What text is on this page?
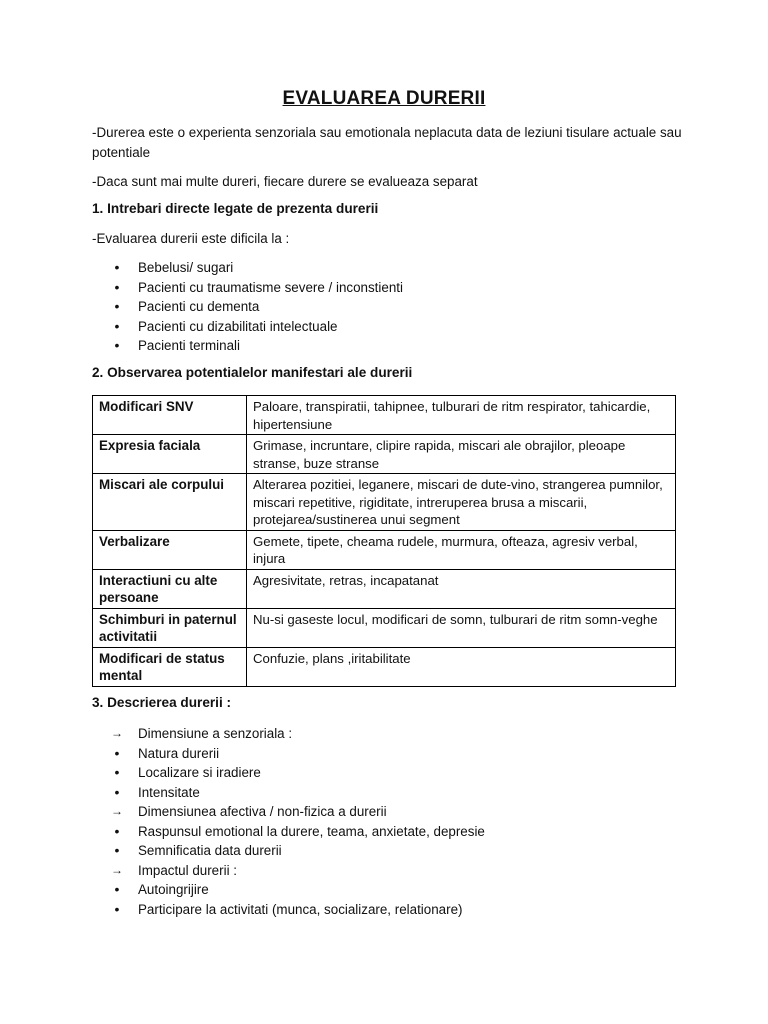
EVALUAREA DURERII
-Durerea este o experienta senzoriala sau emotionala neplacuta data de leziuni tisulare actuale sau potentiale
-Daca sunt mai multe dureri, fiecare durere se evalueaza separat
1. Intrebari directe legate de prezenta durerii
-Evaluarea durerii este dificila la :
•	Bebelusi/ sugari
•	Pacienti cu traumatisme severe / inconstienti
•	Pacienti cu dementa
•	Pacienti cu dizabilitati intelectuale
•	Pacienti terminali
2. Observarea potentialelor manifestari ale durerii
Modificari SNV	Paloare, transpiratii, tahipnee, tulburari de ritm respirator, tahicardie, hipertensiune
Expresia faciala	Grimase, incruntare, clipire rapida, miscari ale obrajilor, pleoape stranse, buze stranse
Miscari ale corpului	Alterarea pozitiei, leganere, miscari de dute-vino, strangerea pumnilor, miscari repetitive, rigiditate, intreruperea brusa a miscarii, protejarea/sustinerea unui segment
Verbalizare	Gemete, tipete, cheama rudele, murmura, ofteaza, agresiv verbal, injura
Interactiuni cu alte persoane	Agresivitate, retras, incapatanat
Schimburi in paternul activitatii	Nu-si gaseste locul, modificari de somn, tulburari de ritm somn-veghe
Modificari de status mental	Confuzie, plans ,iritabilitate
3. Descrierea durerii :
→ Dimensiune a senzoriala :
•	Natura durerii
•	Localizare si iradiere
•	Intensitate
→ Dimensiunea afectiva / non-fizica a durerii
•	Raspunsul emotional la durere, teama, anxietate, depresie
•	Semnificatia data durerii
→ Impactul durerii :
•	Autoingrijire
•	Participare la activitati (munca, socializare, relationare)
